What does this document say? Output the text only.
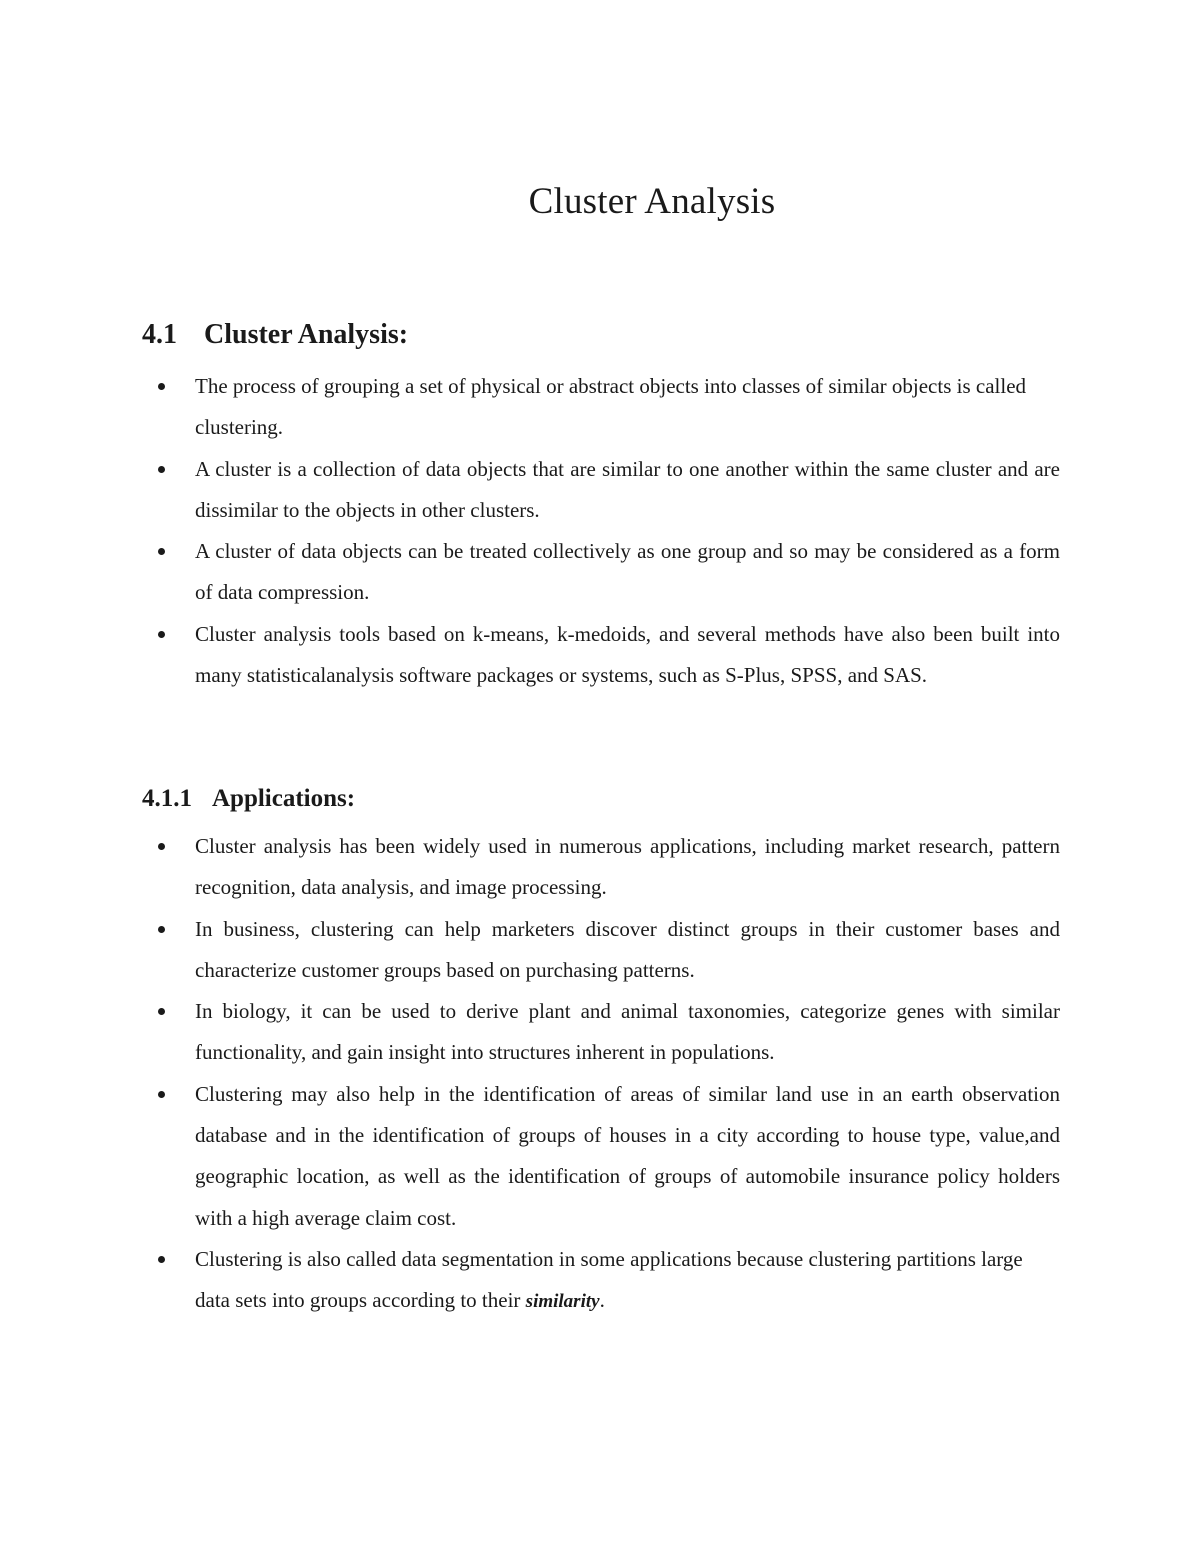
Cluster Analysis
4.1 Cluster Analysis:
The process of grouping a set of physical or abstract objects into classes of similar objects is called clustering.
A cluster is a collection of data objects that are similar to one another within the same cluster and are dissimilar to the objects in other clusters.
A cluster of data objects can be treated collectively as one group and so may be considered as a form of data compression.
Cluster analysis tools based on k-means, k-medoids, and several methods have also been built into many statisticalanalysis software packages or systems, such as S-Plus, SPSS, and SAS.
4.1.1 Applications:
Cluster analysis has been widely used in numerous applications, including market research, pattern recognition, data analysis, and image processing.
In business, clustering can help marketers discover distinct groups in their customer bases and characterize customer groups based on purchasing patterns.
In biology, it can be used to derive plant and animal taxonomies, categorize genes with similar functionality, and gain insight into structures inherent in populations.
Clustering may also help in the identification of areas of similar land use in an earth observation database and in the identification of groups of houses in a city according to house type, value,and geographic location, as well as the identification of groups of automobile insurance policy holders with a high average claim cost.
Clustering is also called data segmentation in some applications because clustering partitions large data sets into groups according to their similarity.
